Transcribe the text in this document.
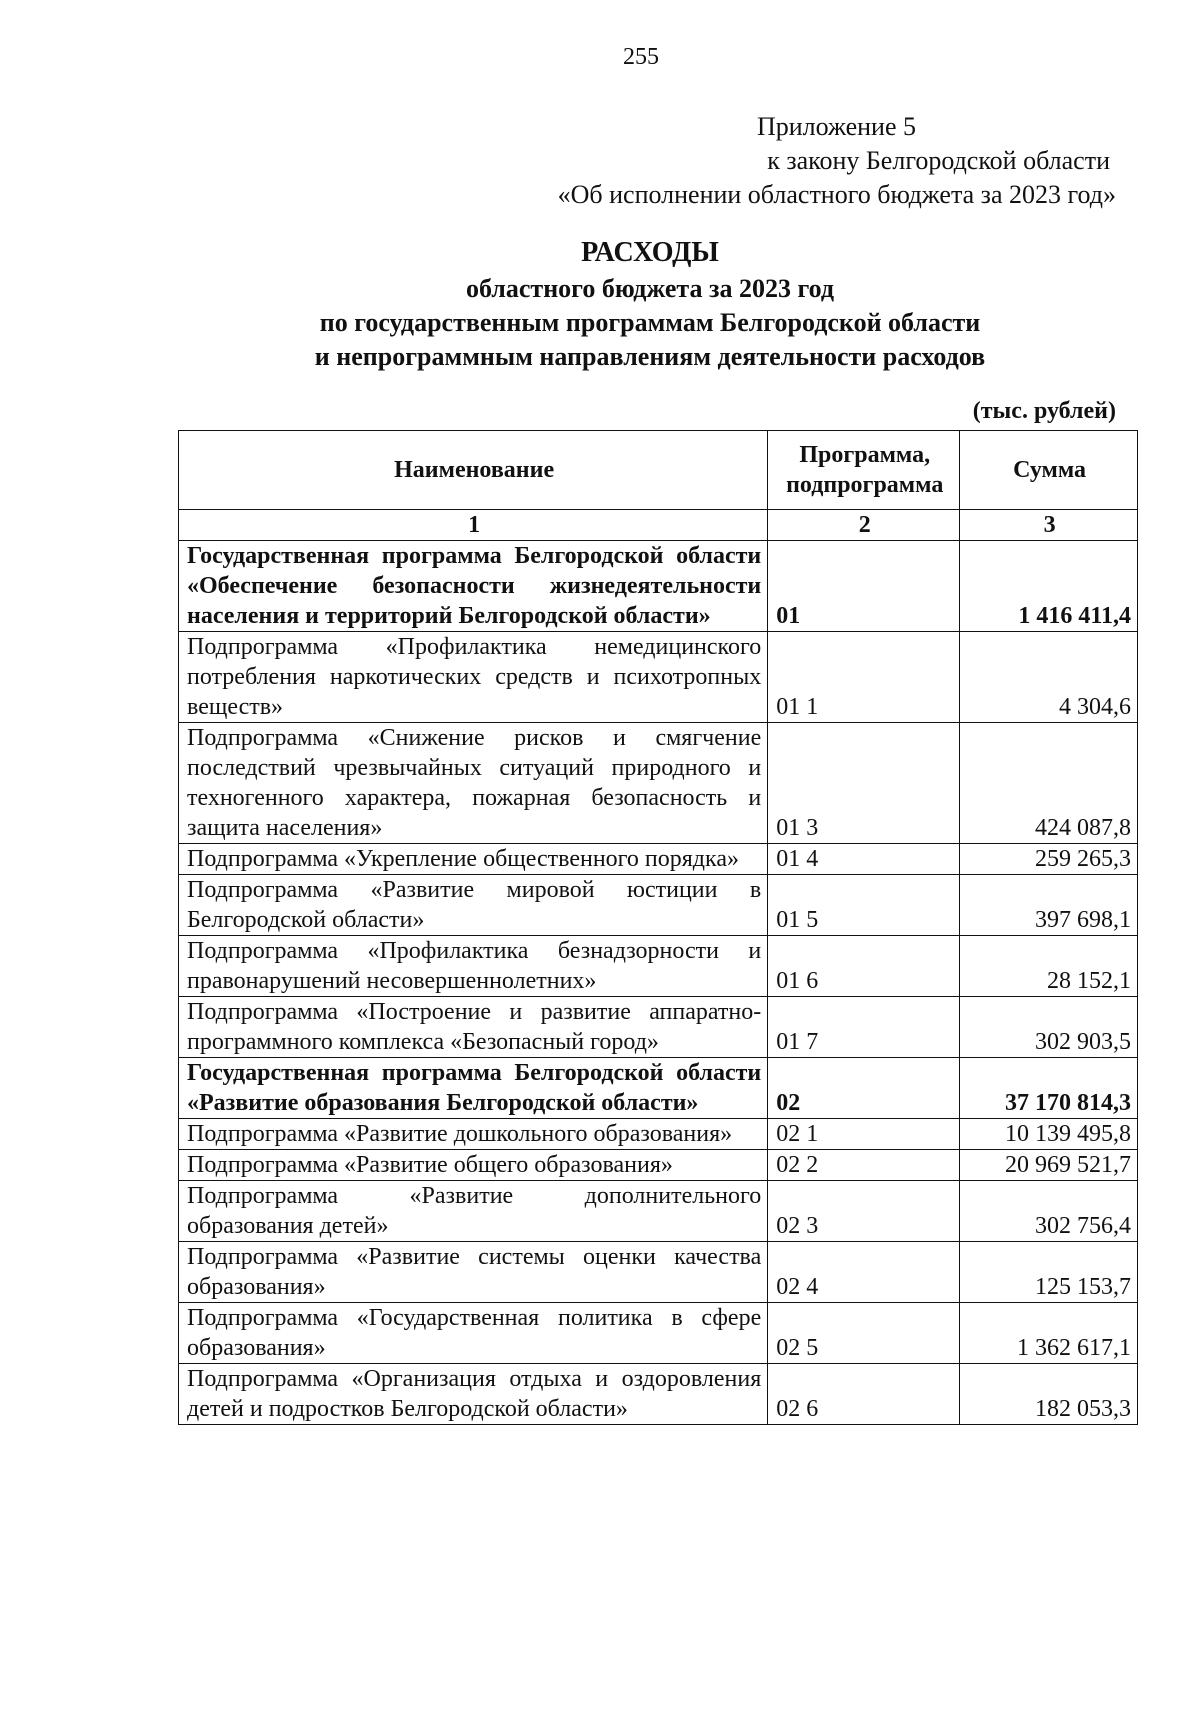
255
Приложение 5
к закону Белгородской области
«Об исполнении областного бюджета за 2023 год»
РАСХОДЫ
областного бюджета за 2023 год
по государственным программам Белгородской области
и непрограммным направлениям деятельности расходов
(тыс. рублей)
Наименование	Программа, подпрограмма	Сумма
1	2	3
Государственная программа Белгородской области «Обеспечение безопасности жизнедеятельности населения и территорий Белгородской области»	01	1 416 411,4
Подпрограмма «Профилактика немедицинского потребления наркотических средств и психотропных веществ»	01 1	4 304,6
Подпрограмма «Снижение рисков и смягчение последствий чрезвычайных ситуаций природного и техногенного характера, пожарная безопасность и защита населения»	01 3	424 087,8
Подпрограмма «Укрепление общественного порядка»	01 4	259 265,3
Подпрограмма «Развитие мировой юстиции в Белгородской области»	01 5	397 698,1
Подпрограмма «Профилактика безнадзорности и правонарушений несовершеннолетних»	01 6	28 152,1
Подпрограмма «Построение и развитие аппаратно-программного комплекса «Безопасный город»	01 7	302 903,5
Государственная программа Белгородской области «Развитие образования Белгородской области»	02	37 170 814,3
Подпрограмма «Развитие дошкольного образования»	02 1	10 139 495,8
Подпрограмма «Развитие общего образования»	02 2	20 969 521,7
Подпрограмма «Развитие дополнительного образования детей»	02 3	302 756,4
Подпрограмма «Развитие системы оценки качества образования»	02 4	125 153,7
Подпрограмма «Государственная политика в сфере образования»	02 5	1 362 617,1
Подпрограмма «Организация отдыха и оздоровления детей и подростков Белгородской области»	02 6	182 053,3
